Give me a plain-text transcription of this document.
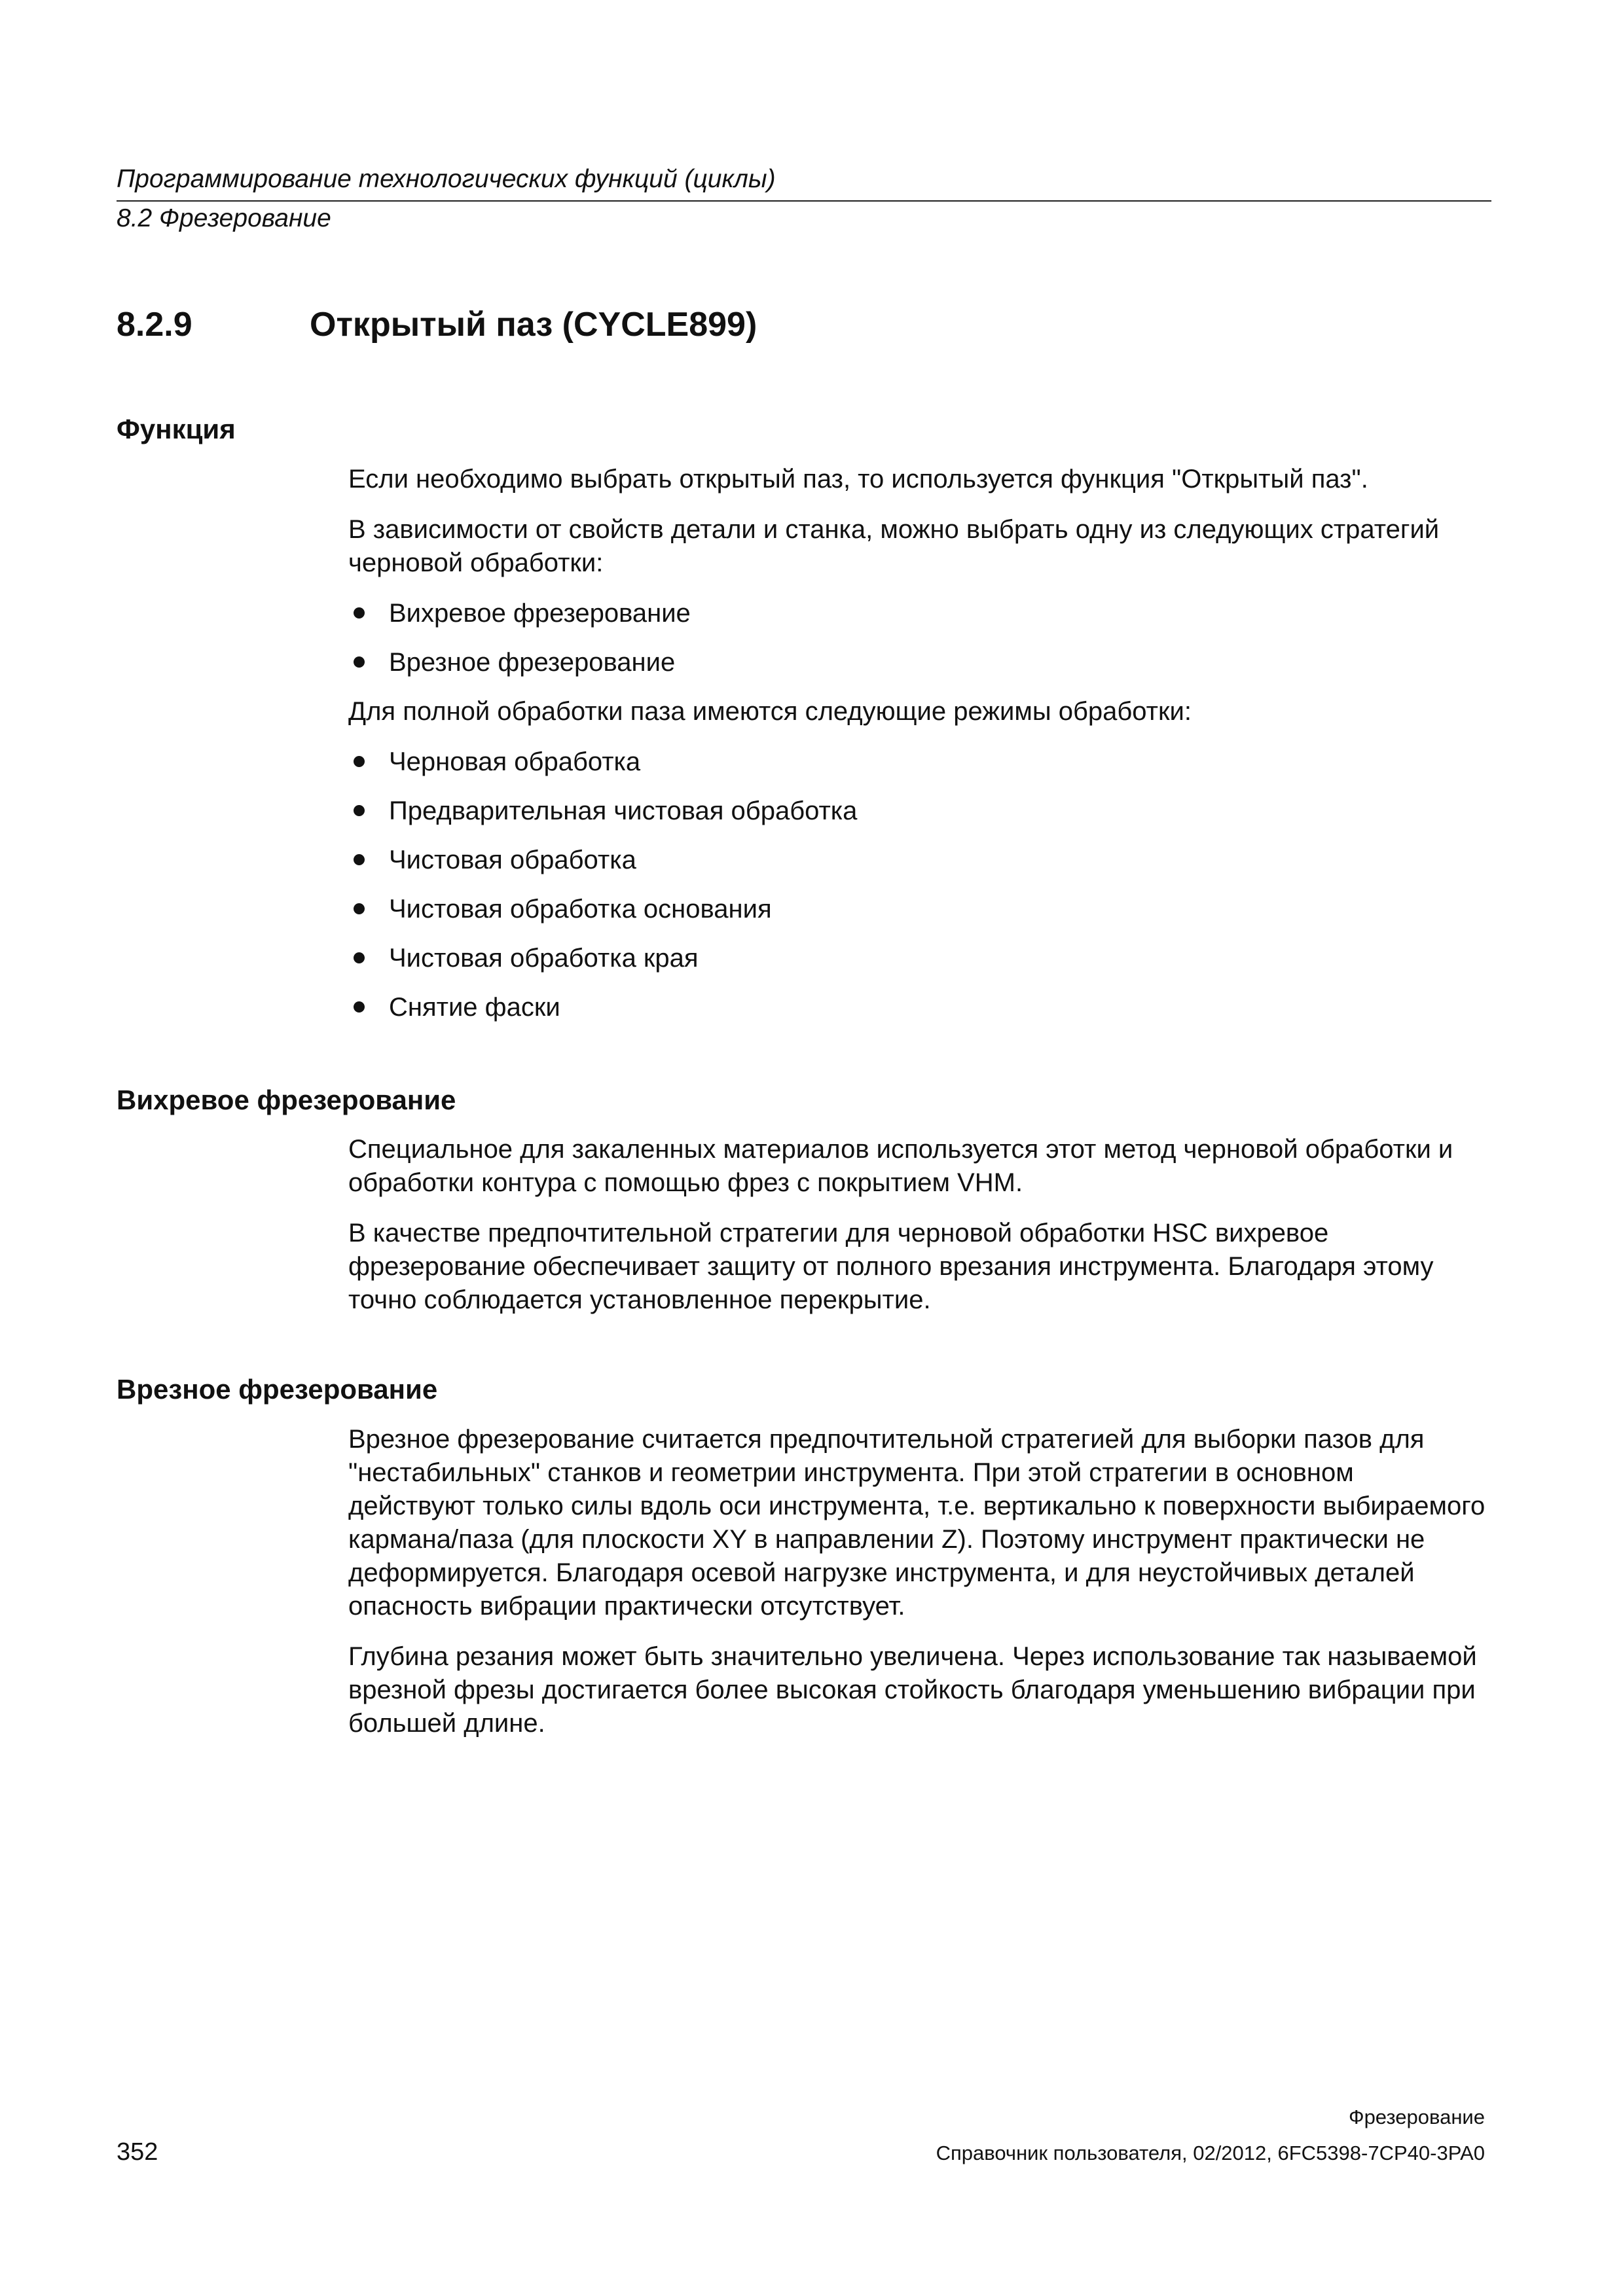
Программирование технологических функций (циклы)
8.2 Фрезерование
8.2.9	Открытый паз (CYCLE899)
Функция

Если необходимо выбрать открытый паз, то используется функция "Открытый паз".

В зависимости от свойств детали и станка, можно выбрать одну из следующих стратегий черновой обработки:

Вихревое фрезерование
Врезное фрезерование

Для полной обработки паза имеются следующие режимы обработки:

Черновая обработка
Предварительная чистовая обработка
Чистовая обработка
Чистовая обработка основания
Чистовая обработка края
Снятие фаски
Вихревое фрезерование

Специальное для закаленных материалов используется этот метод черновой обработки и обработки контура с помощью фрез с покрытием VHM.

В качестве предпочтительной стратегии для черновой обработки HSC вихревое фрезерование обеспечивает защиту от полного врезания инструмента. Благодаря этому точно соблюдается установленное перекрытие.

Врезное фрезерование

Врезное фрезерование считается предпочтительной стратегией для выборки пазов для "нестабильных" станков и геометрии инструмента. При этой стратегии в основном действуют только силы вдоль оси инструмента, т.е. вертикально к поверхности выбираемого кармана/паза (для плоскости XY в направлении Z). Поэтому инструмент практически не деформируется. Благодаря осевой нагрузке инструмента, и для неустойчивых деталей опасность вибрации практически отсутствует.

Глубина резания может быть значительно увеличена. Через использование так называемой врезной фрезы достигается более высокая стойкость благодаря уменьшению вибрации при большей длине.

Фрезерование
352	Справочник пользователя, 02/2012, 6FC5398-7CP40-3PA0
